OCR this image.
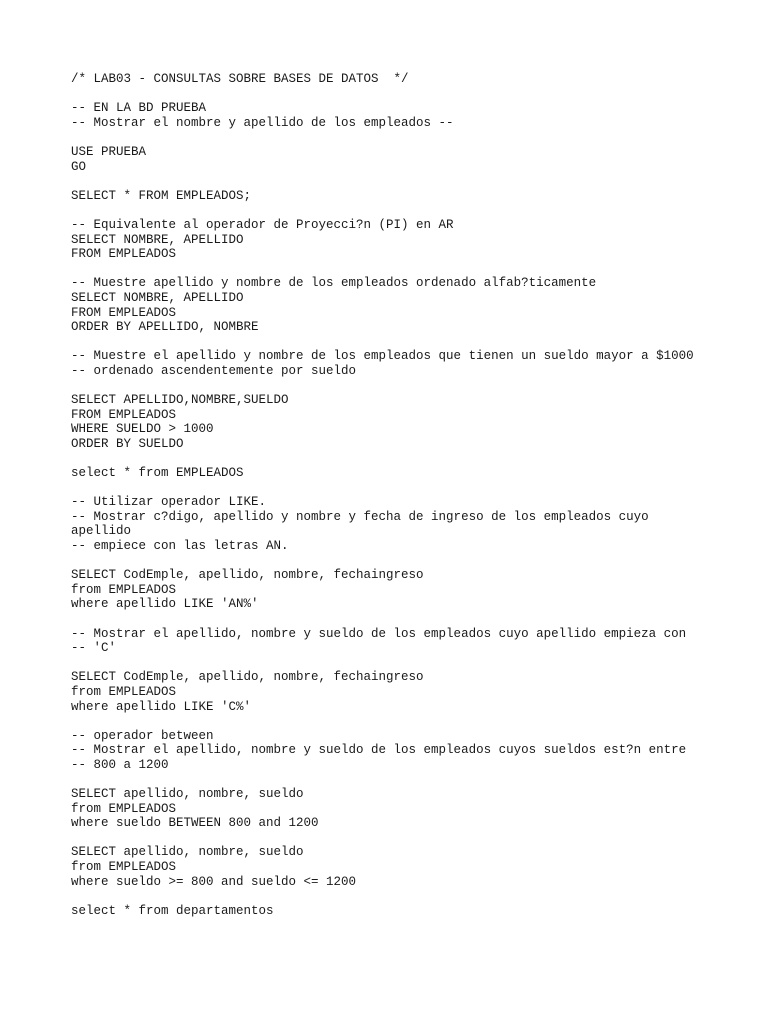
/* LAB03 - CONSULTAS SOBRE BASES DE DATOS  */
-- EN LA BD PRUEBA
-- Mostrar el nombre y apellido de los empleados --
USE PRUEBA
GO
SELECT * FROM EMPLEADOS;
-- Equivalente al operador de Proyecci?n (PI) en AR
SELECT NOMBRE, APELLIDO
FROM EMPLEADOS
-- Muestre apellido y nombre de los empleados ordenado alfab?ticamente
SELECT NOMBRE, APELLIDO
FROM EMPLEADOS
ORDER BY APELLIDO, NOMBRE
-- Muestre el apellido y nombre de los empleados que tienen un sueldo mayor a $1000
-- ordenado ascendentemente por sueldo
SELECT APELLIDO,NOMBRE,SUELDO
FROM EMPLEADOS
WHERE SUELDO > 1000
ORDER BY SUELDO
select * from EMPLEADOS
-- Utilizar operador LIKE.
-- Mostrar c?digo, apellido y nombre y fecha de ingreso de los empleados cuyo
apellido
-- empiece con las letras AN.
SELECT CodEmple, apellido, nombre, fechaingreso
from EMPLEADOS
where apellido LIKE 'AN%'
-- Mostrar el apellido, nombre y sueldo de los empleados cuyo apellido empieza con
-- 'C'
SELECT CodEmple, apellido, nombre, fechaingreso
from EMPLEADOS
where apellido LIKE 'C%'
-- operador between
-- Mostrar el apellido, nombre y sueldo de los empleados cuyos sueldos est?n entre
-- 800 a 1200
SELECT apellido, nombre, sueldo
from EMPLEADOS
where sueldo BETWEEN 800 and 1200
SELECT apellido, nombre, sueldo
from EMPLEADOS
where sueldo >= 800 and sueldo <= 1200
select * from departamentos
